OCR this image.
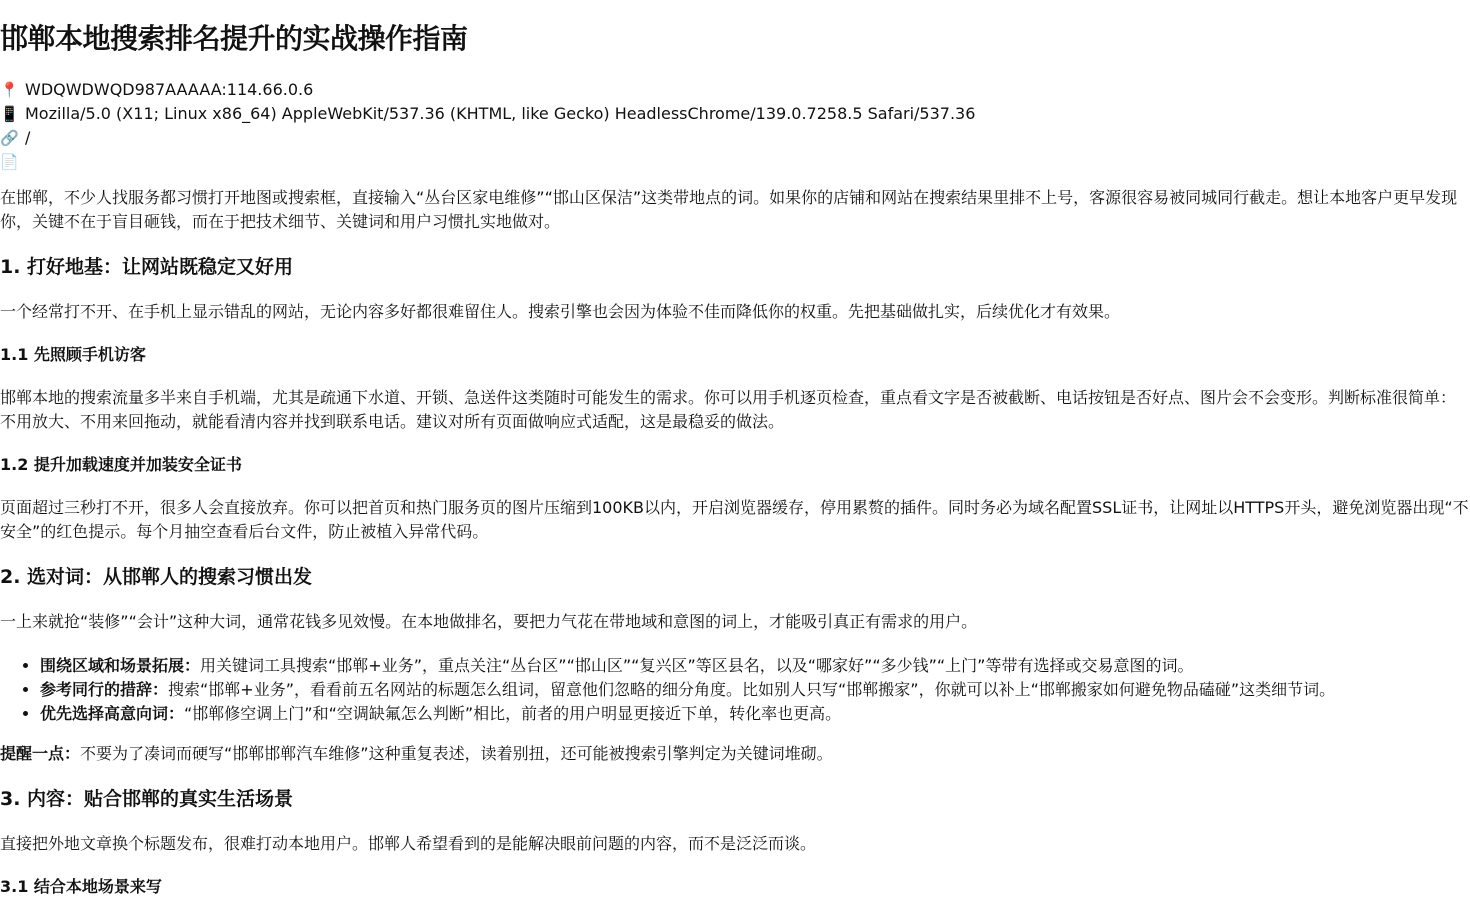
邯郸本地搜索排名提升的实战操作指南
📍 WDQWDWQD987AAAAA:114.66.0.6
📱 Mozilla/5.0 (X11; Linux x86_64) AppleWebKit/537.36 (KHTML, like Gecko) HeadlessChrome/139.0.7258.5 Safari/537.36
🔗 /
📄

在邯郸，不少人找服务都习惯打开地图或搜索框，直接输入“丛台区家电维修”“邯山区保洁”这类带地点的词。如果你的店铺和网站在搜索结果里排不上号，客源很容易被同城同行截走。想让本地客户更早发现你，关键不在于盲目砸钱，而在于把技术细节、关键词和用户习惯扎实地做对。

1. 打好地基：让网站既稳定又好用

一个经常打不开、在手机上显示错乱的网站，无论内容多好都很难留住人。搜索引擎也会因为体验不佳而降低你的权重。先把基础做扎实，后续优化才有效果。

1.1 先照顾手机访客

邯郸本地的搜索流量多半来自手机端，尤其是疏通下水道、开锁、急送件这类随时可能发生的需求。你可以用手机逐页检查，重点看文字是否被截断、电话按钮是否好点、图片会不会变形。判断标准很简单：不用放大、不用来回拖动，就能看清内容并找到联系电话。建议对所有页面做响应式适配，这是最稳妥的做法。

1.2 提升加载速度并加装安全证书

页面超过三秒打不开，很多人会直接放弃。你可以把首页和热门服务页的图片压缩到100KB以内，开启浏览器缓存，停用累赘的插件。同时务必为域名配置SSL证书，让网址以HTTPS开头，避免浏览器出现“不安全”的红色提示。每个月抽空查看后台文件，防止被植入异常代码。

2. 选对词：从邯郸人的搜索习惯出发

一上来就抢“装修”“会计”这种大词，通常花钱多见效慢。在本地做排名，要把力气花在带地域和意图的词上，才能吸引真正有需求的用户。

• 围绕区域和场景拓展：用关键词工具搜索“邯郸+业务”，重点关注“丛台区”“邯山区”“复兴区”等区县名，以及“哪家好”“多少钱”“上门”等带有选择或交易意图的词。
• 参考同行的措辞：搜索“邯郸+业务”，看看前五名网站的标题怎么组词，留意他们忽略的细分角度。比如别人只写“邯郸搬家”，你就可以补上“邯郸搬家如何避免物品磕碰”这类细节词。
• 优先选择高意向词：“邯郸修空调上门”和“空调缺氟怎么判断”相比，前者的用户明显更接近下单，转化率也更高。

提醒一点：不要为了凑词而硬写“邯郸邯郸汽车维修”这种重复表述，读着别扭，还可能被搜索引擎判定为关键词堆砌。

3. 内容：贴合邯郸的真实生活场景

直接把外地文章换个标题发布，很难打动本地用户。邯郸人希望看到的是能解决眼前问题的内容，而不是泛泛而谈。

3.1 结合本地场景来写
